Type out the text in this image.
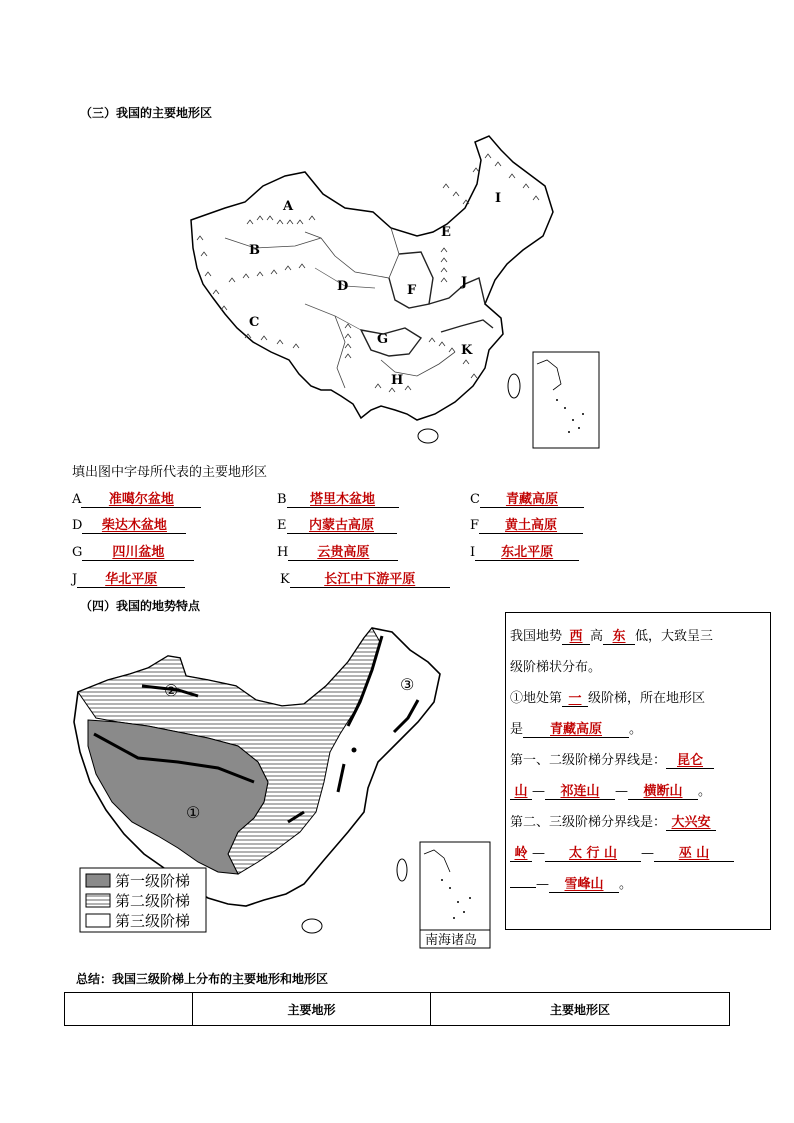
（三）我国的主要地形区
A
B
C
D
E
F
G
H
I
J
K
填出图中字母所代表的主要地形区
A 准噶尔盆地	B 塔里木盆地	C 青藏高原
D 柴达木盆地	E 内蒙古高原	F 黄土高原
G 四川盆地	H 云贵高原	I 东北平原
J 华北平原	K	长江中下游平原
（四）我国的地势特点
②	③
①
第一级阶梯
第二级阶梯
第三级阶梯
南海诸岛
我国地势 西 高 东 低，大致呈三
级阶梯状分布。
①地处第 一 级阶梯，所在地形区
是 青藏高原 。
第一、二级阶梯分界线是： 昆仑
山 — 祁连山 — 横断山 。
第二、三级阶梯分界线是： 大兴安
岭 — 太 行 山 — 巫 山
— 雪峰山 。
总结：我国三级阶梯上分布的主要地形和地形区
	主要地形	主要地形区
